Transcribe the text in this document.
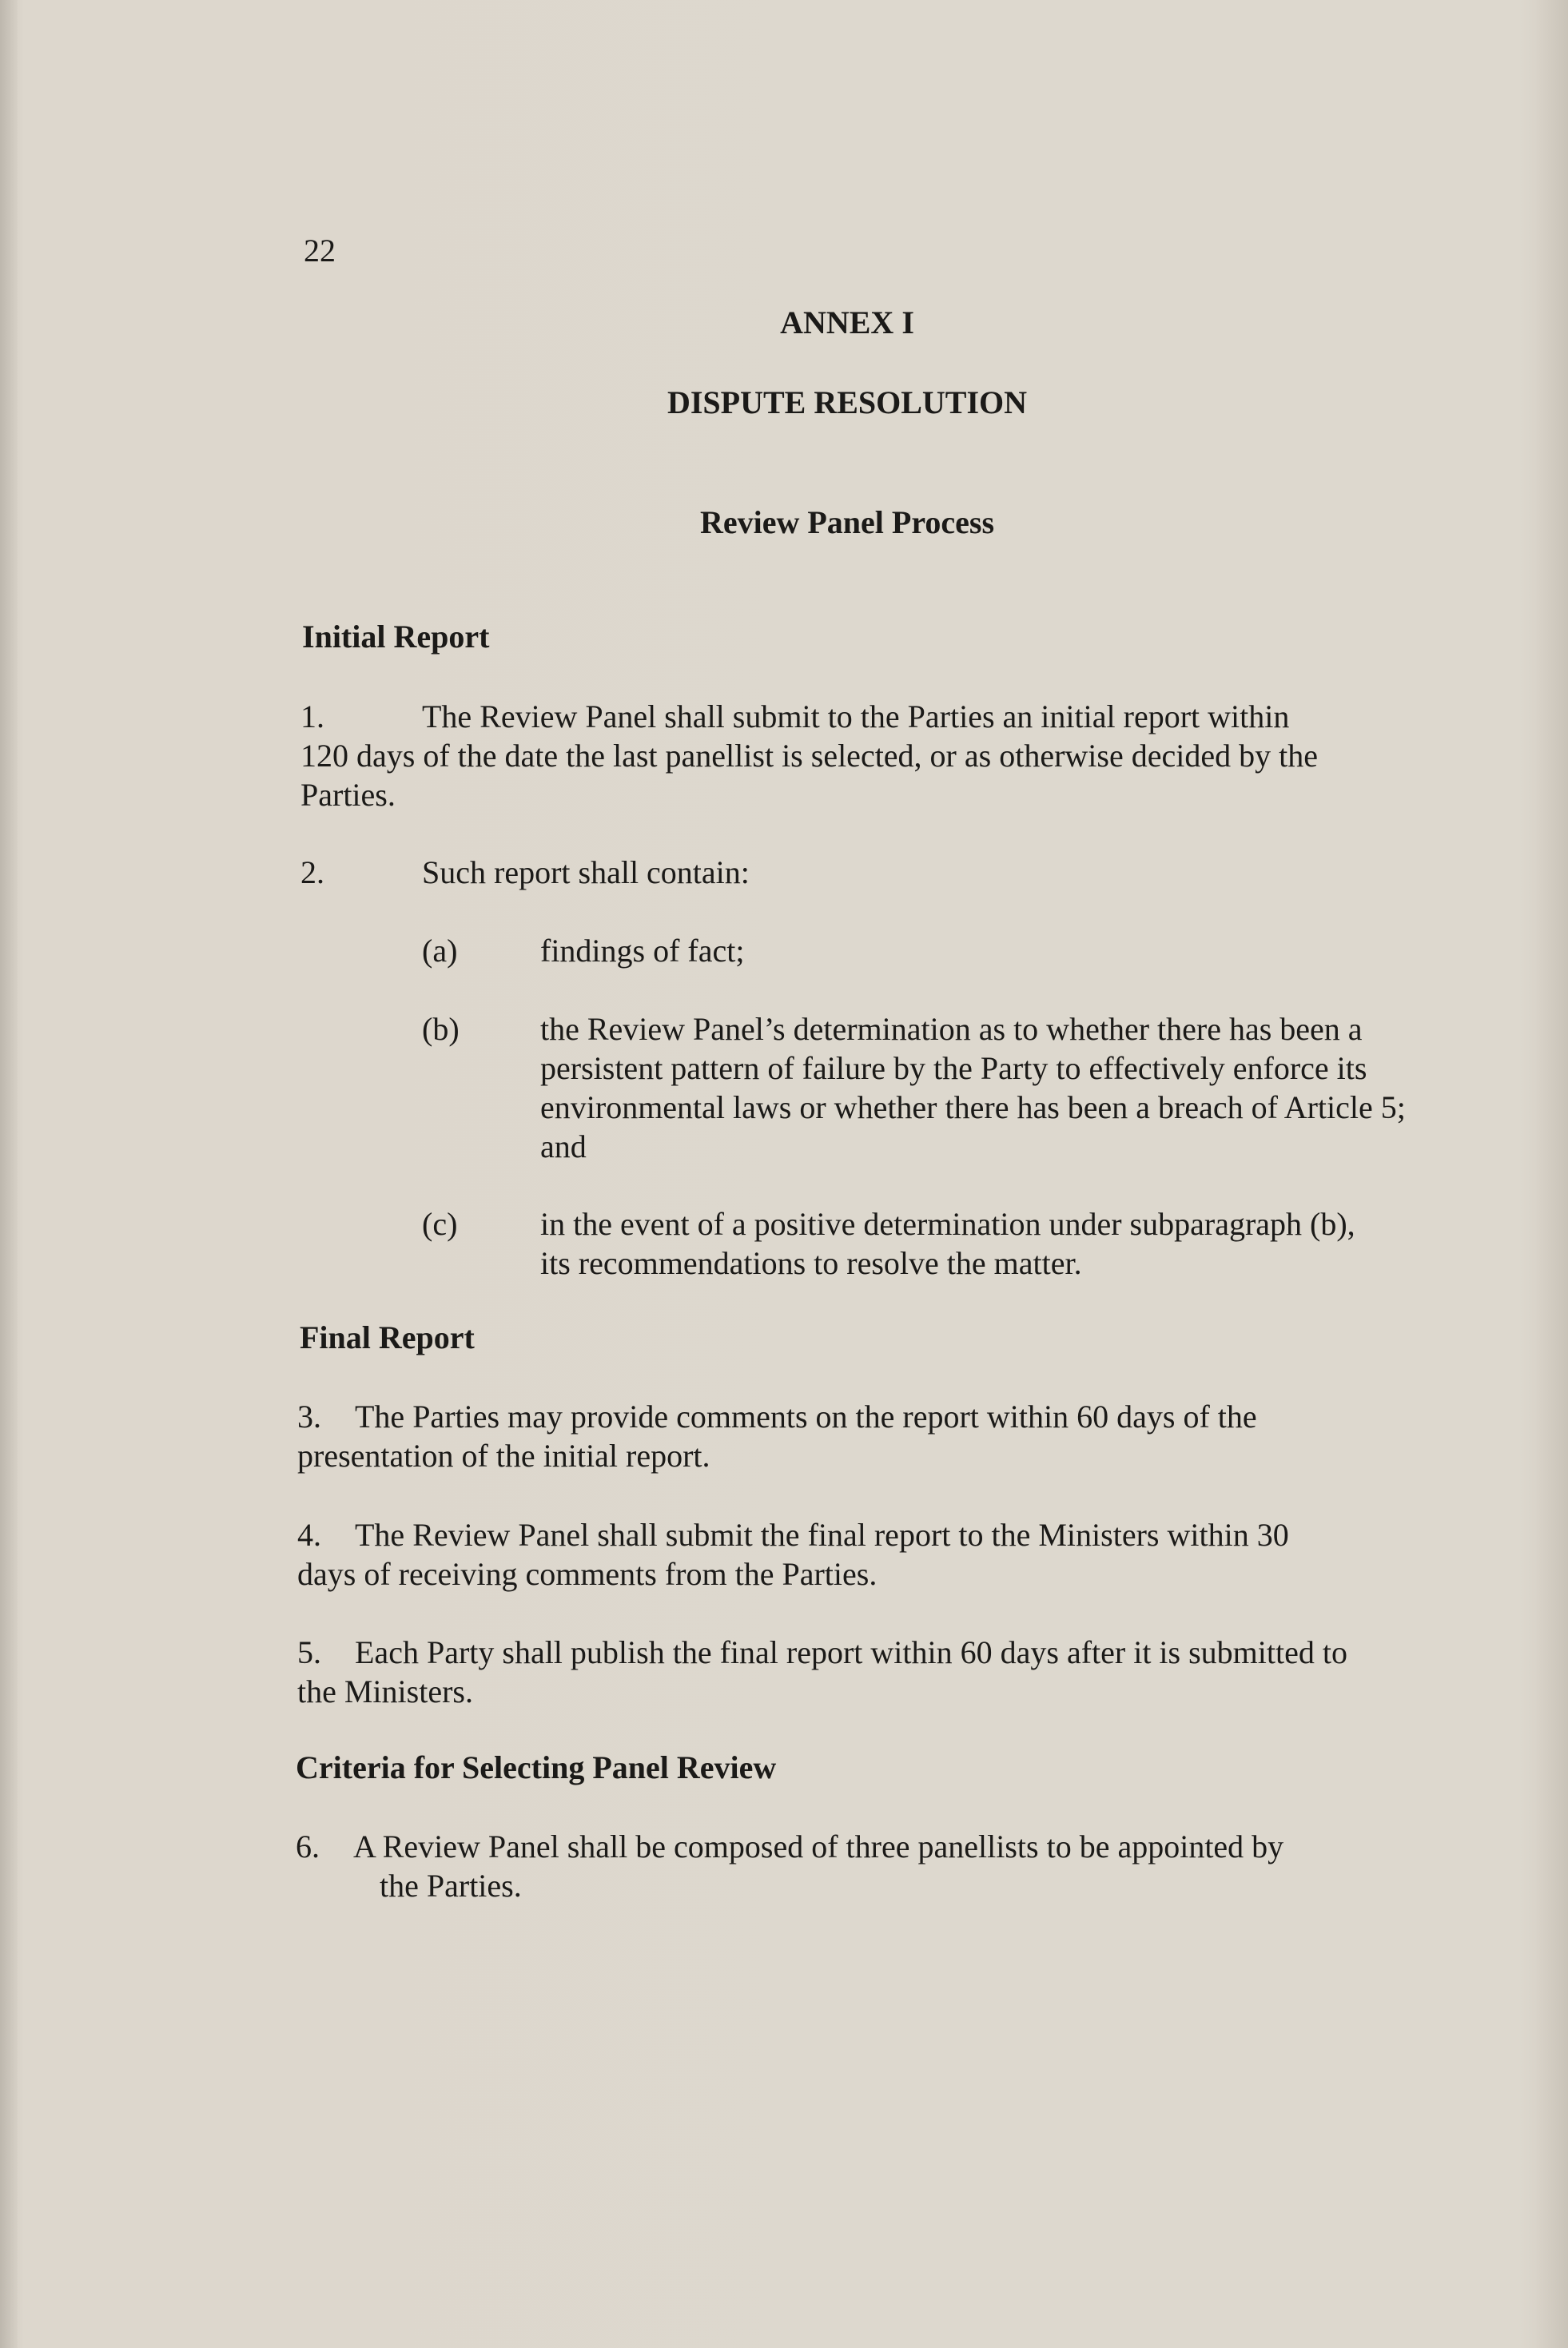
22
ANNEX I
DISPUTE RESOLUTION
Review Panel Process
Initial Report
1.	The Review Panel shall submit to the Parties an initial report within
120 days of the date the last panellist is selected, or as otherwise decided by the Parties.
2.	Such report shall contain:
(a)	findings of fact;
(b)	the Review Panel’s determination as to whether there has been a persistent pattern of failure by the Party to effectively enforce its environmental laws or whether there has been a breach of Article 5; and
(c)	in the event of a positive determination under subparagraph (b), its recommendations to resolve the matter.
Final Report
3. The Parties may provide comments on the report within 60 days of the presentation of the initial report.
4. The Review Panel shall submit the final report to the Ministers within 30 days of receiving comments from the Parties.
5. Each Party shall publish the final report within 60 days after it is submitted to the Ministers.
Criteria for Selecting Panel Review
6. A Review Panel shall be composed of three panellists to be appointed by
the Parties.
